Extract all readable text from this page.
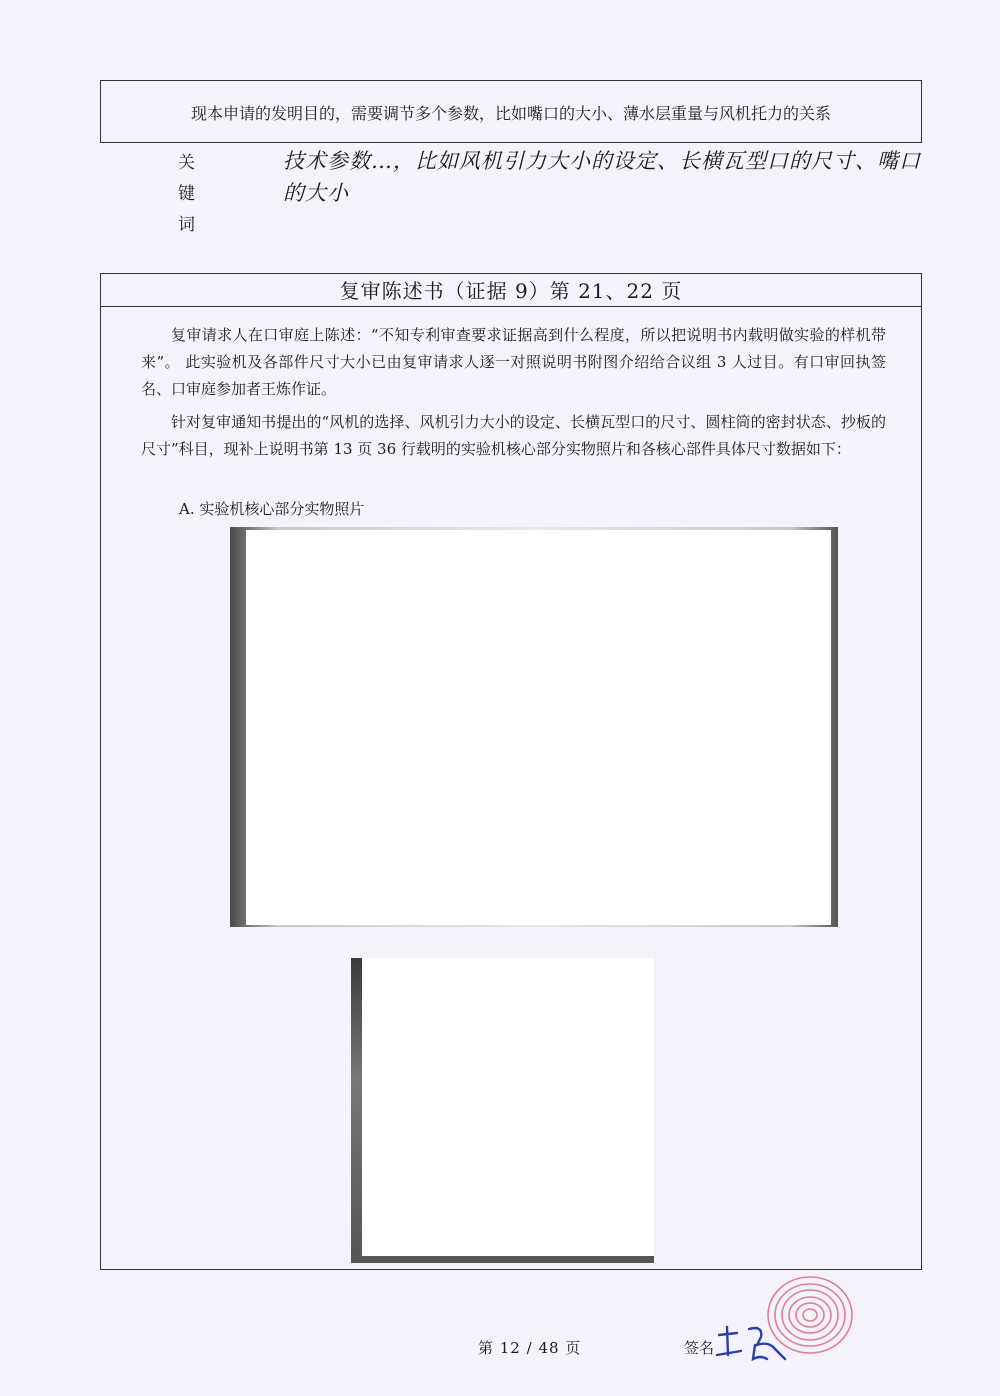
现本申请的发明目的，需要调节多个参数，比如嘴口的大小、薄水层重量与风机托力的关系
关
键
词
技术参数…，比如风机引力大小的设定、长横瓦型口的尺寸、嘴口的大小
复审陈述书（证据 9）第 21、22 页
复审请求人在口审庭上陈述：“不知专利审查要求证据高到什么程度，所以把说明书内载明做实验的样机带来”。 此实验机及各部件尺寸大小已由复审请求人逐一对照说明书附图介绍给合议组 3 人过目。有口审回执签名、口审庭参加者王炼作证。
针对复审通知书提出的“风机的选择、风机引力大小的设定、长横瓦型口的尺寸、圆柱筒的密封状态、抄板的尺寸”科目，现补上说明书第 13 页 36 行载明的实验机核心部分实物照片和各核心部件具体尺寸数据如下：
A. 实验机核心部分实物照片
第 12 / 48 页	签名
